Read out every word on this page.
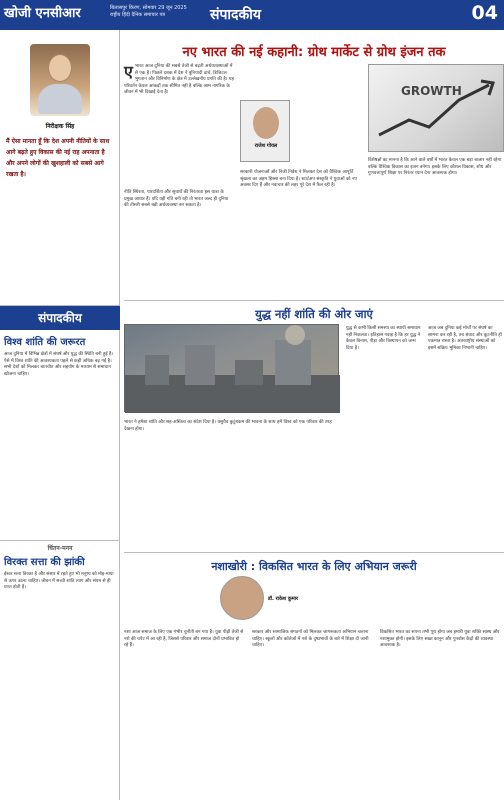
खोजी एनसीआर	बिलासपुर किरण, सोमवार 29 जून 2025
राष्ट्रीय हिंदी दैनिक समाचार पत्र	संपादकीय	04
निरीक्षक सिंह
मैं ऐसा मानता हूँ कि देश अपनी नीतियों के साथ आगे बढ़ते हुए विकास की नई राह अपनाता है और अपने लोगों की खुशहाली को सबसे आगे रखता है।
संपादकीय
विश्व शांति की जरूरत
आज दुनिया में विभिन्न क्षेत्रों में संघर्ष और युद्ध की स्थिति बनी हुई है। ऐसे में विश्व शांति की आवश्यकता पहले से कहीं अधिक बढ़ गई है। सभी देशों को मिलकर बातचीत और सहयोग के माध्यम से समाधान खोजना चाहिए।
चिंतन-मनन
विरक्त सत्ता की झांकी
ईश्वर सत्ता विरक्त है और संसार में रहते हुए भी मनुष्य को मोह-माया से ऊपर उठना चाहिए। जीवन में सच्ची शांति त्याग और संयम से ही प्राप्त होती है।
नए भारत की नई कहानी: ग्रोथ मार्केट से ग्रोथ इंजन तक
ए भारत आज दुनिया की सबसे तेजी से बढ़ती अर्थव्यवस्थाओं में से एक है। पिछले दशक में देश ने बुनियादी ढांचे, डिजिटल भुगतान और विनिर्माण के क्षेत्र में उल्लेखनीय प्रगति की है। यह परिवर्तन केवल आंकड़ों तक सीमित नहीं है बल्कि आम नागरिक के जीवन में भी दिखाई देता है।
राजेश गोयल
सरकारी योजनाओं और निजी निवेश ने मिलकर देश को वैश्विक आपूर्ति श्रृंखला का अहम हिस्सा बना दिया है। स्टार्टअप संस्कृति ने युवाओं को नए अवसर दिए हैं और नवाचार की लहर पूरे देश में फैल रही है।
GROWTH
विशेषज्ञों का मानना है कि आने वाले वर्षों में भारत केवल एक बड़ा बाजार नहीं रहेगा बल्कि वैश्विक विकास का इंजन बनेगा। इसके लिए कौशल विकास, शोध और गुणवत्तापूर्ण शिक्षा पर निरंतर ध्यान देना आवश्यक होगा।
नीति स्थिरता, पारदर्शिता और सुधारों की निरंतरता इस यात्रा के प्रमुख आधार हैं। यदि यही गति बनी रही तो भारत जल्द ही दुनिया की तीसरी सबसे बड़ी अर्थव्यवस्था बन सकता है।
युद्ध नहीं शांति की ओर जाएं
युद्ध से कभी किसी समस्या का स्थायी समाधान नहीं निकलता। इतिहास गवाह है कि हर युद्ध ने केवल विनाश, पीड़ा और विस्थापन को जन्म दिया है।
आज जब दुनिया कई मोर्चों पर संघर्ष का सामना कर रही है, तब संवाद और कूटनीति ही एकमात्र रास्ता है। अंतरराष्ट्रीय संस्थाओं को इसमें सक्रिय भूमिका निभानी चाहिए।
भारत ने हमेशा शांति और सह-अस्तित्व का संदेश दिया है। वसुधैव कुटुंबकम की भावना के साथ हमें विश्व को एक परिवार की तरह देखना होगा।
नशाखोरी : विकसित भारत के लिए अभियान जरूरी
डॉ. राकेश कुमार
नशा आज समाज के लिए एक गंभीर चुनौती बन गया है। युवा पीढ़ी तेजी से नशे की चपेट में आ रही है, जिससे परिवार और समाज दोनों प्रभावित हो रहे हैं।
सरकार और सामाजिक संगठनों को मिलकर जागरूकता अभियान चलाना चाहिए। स्कूलों और कॉलेजों में नशे के दुष्प्रभावों के बारे में शिक्षा दी जानी चाहिए।
विकसित भारत का सपना तभी पूरा होगा जब हमारी युवा शक्ति स्वस्थ और नशामुक्त होगी। इसके लिए सख्त कानून और पुनर्वास केंद्रों की व्यवस्था आवश्यक है।
